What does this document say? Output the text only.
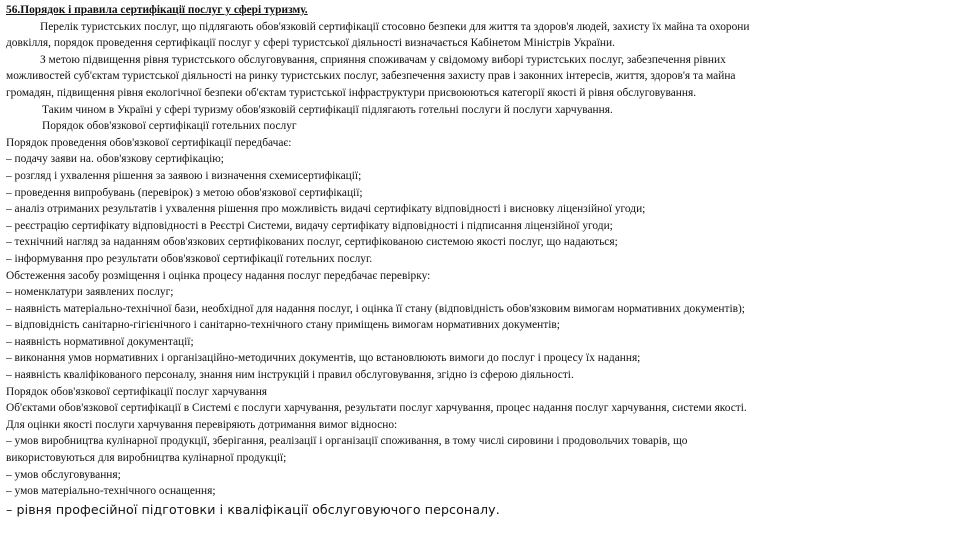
56.Порядок і правила сертифікації послуг у сфері туризму.
Перелік туристських послуг, що підлягають обов'язковій сертифікації стосовно безпеки для життя та здоров'я людей, захисту їх майна та охорони
довкілля, порядок проведення сертифікації послуг у сфері туристської діяльності визначається Кабінетом Міністрів України.
З метою підвищення рівня туристського обслуговування, сприяння споживачам у свідомому виборі туристських послуг, забезпечення рівних
можливостей суб'єктам туристської діяльності на ринку туристських послуг, забезпечення захисту прав і законних інтересів, життя, здоров'я та майна
громадян, підвищення рівня екологічної безпеки об'єктам туристської інфраструктури присвоюються категорії якості й рівня обслуговування.
Таким чином в Україні у сфері туризму обов'язковій сертифікації підлягають готельні послуги й послуги харчування.
Порядок обов'язкової сертифікації готельних послуг
Порядок проведення обов'язкової сертифікації передбачає:
– подачу заяви на. обов'язкову сертифікацію;
– розгляд і ухвалення рішення за заявою і визначення схемисертифікації;
– проведення випробувань (перевірок) з метою обов'язкової сертифікації;
– аналіз отриманих результатів і ухвалення рішення про можливість видачі сертифікату відповідності і висновку ліцензійної угоди;
– реєстрацію сертифікату відповідності в Реєстрі Системи, видачу сертифікату відповідності і підписання ліцензійної угоди;
– технічний нагляд за наданням обов'язкових сертифікованих послуг, сертифікованою системою якості послуг, що надаються;
– інформування про результати обов'язкової сертифікації готельних послуг.
Обстеження засобу розміщення і оцінка процесу надання послуг передбачає перевірку:
– номенклатури заявлених послуг;
– наявність матеріально-технічної бази, необхідної для надання послуг, і оцінка її стану (відповідність обов'язковим вимогам нормативних документів);
– відповідність санітарно-гігієнічного і санітарно-технічного стану приміщень вимогам нормативних документів;
– наявність нормативної документації;
– виконання умов нормативних і організаційно-методичних документів, що встановлюють вимоги до послуг і процесу їх надання;
– наявність кваліфікованого персоналу, знання ним інструкцій і правил обслуговування, згідно із сферою діяльності.
Порядок обов'язкової сертифікації послуг харчування
Об'єктами обов'язкової сертифікації в Системі є послуги харчування, результати послуг харчування, процес надання послуг харчування, системи якості.
Для оцінки якості послуги харчування перевіряють дотримання вимог відносно:
– умов виробництва кулінарної продукції, зберігання, реалізації і організації споживання, в тому числі сировини і продовольчих товарів, що
використовуються для виробництва кулінарної продукції;
– умов обслуговування;
– умов матеріально-технічного оснащення;
– рівня професійної підготовки і кваліфікації обслуговуючого персоналу.
